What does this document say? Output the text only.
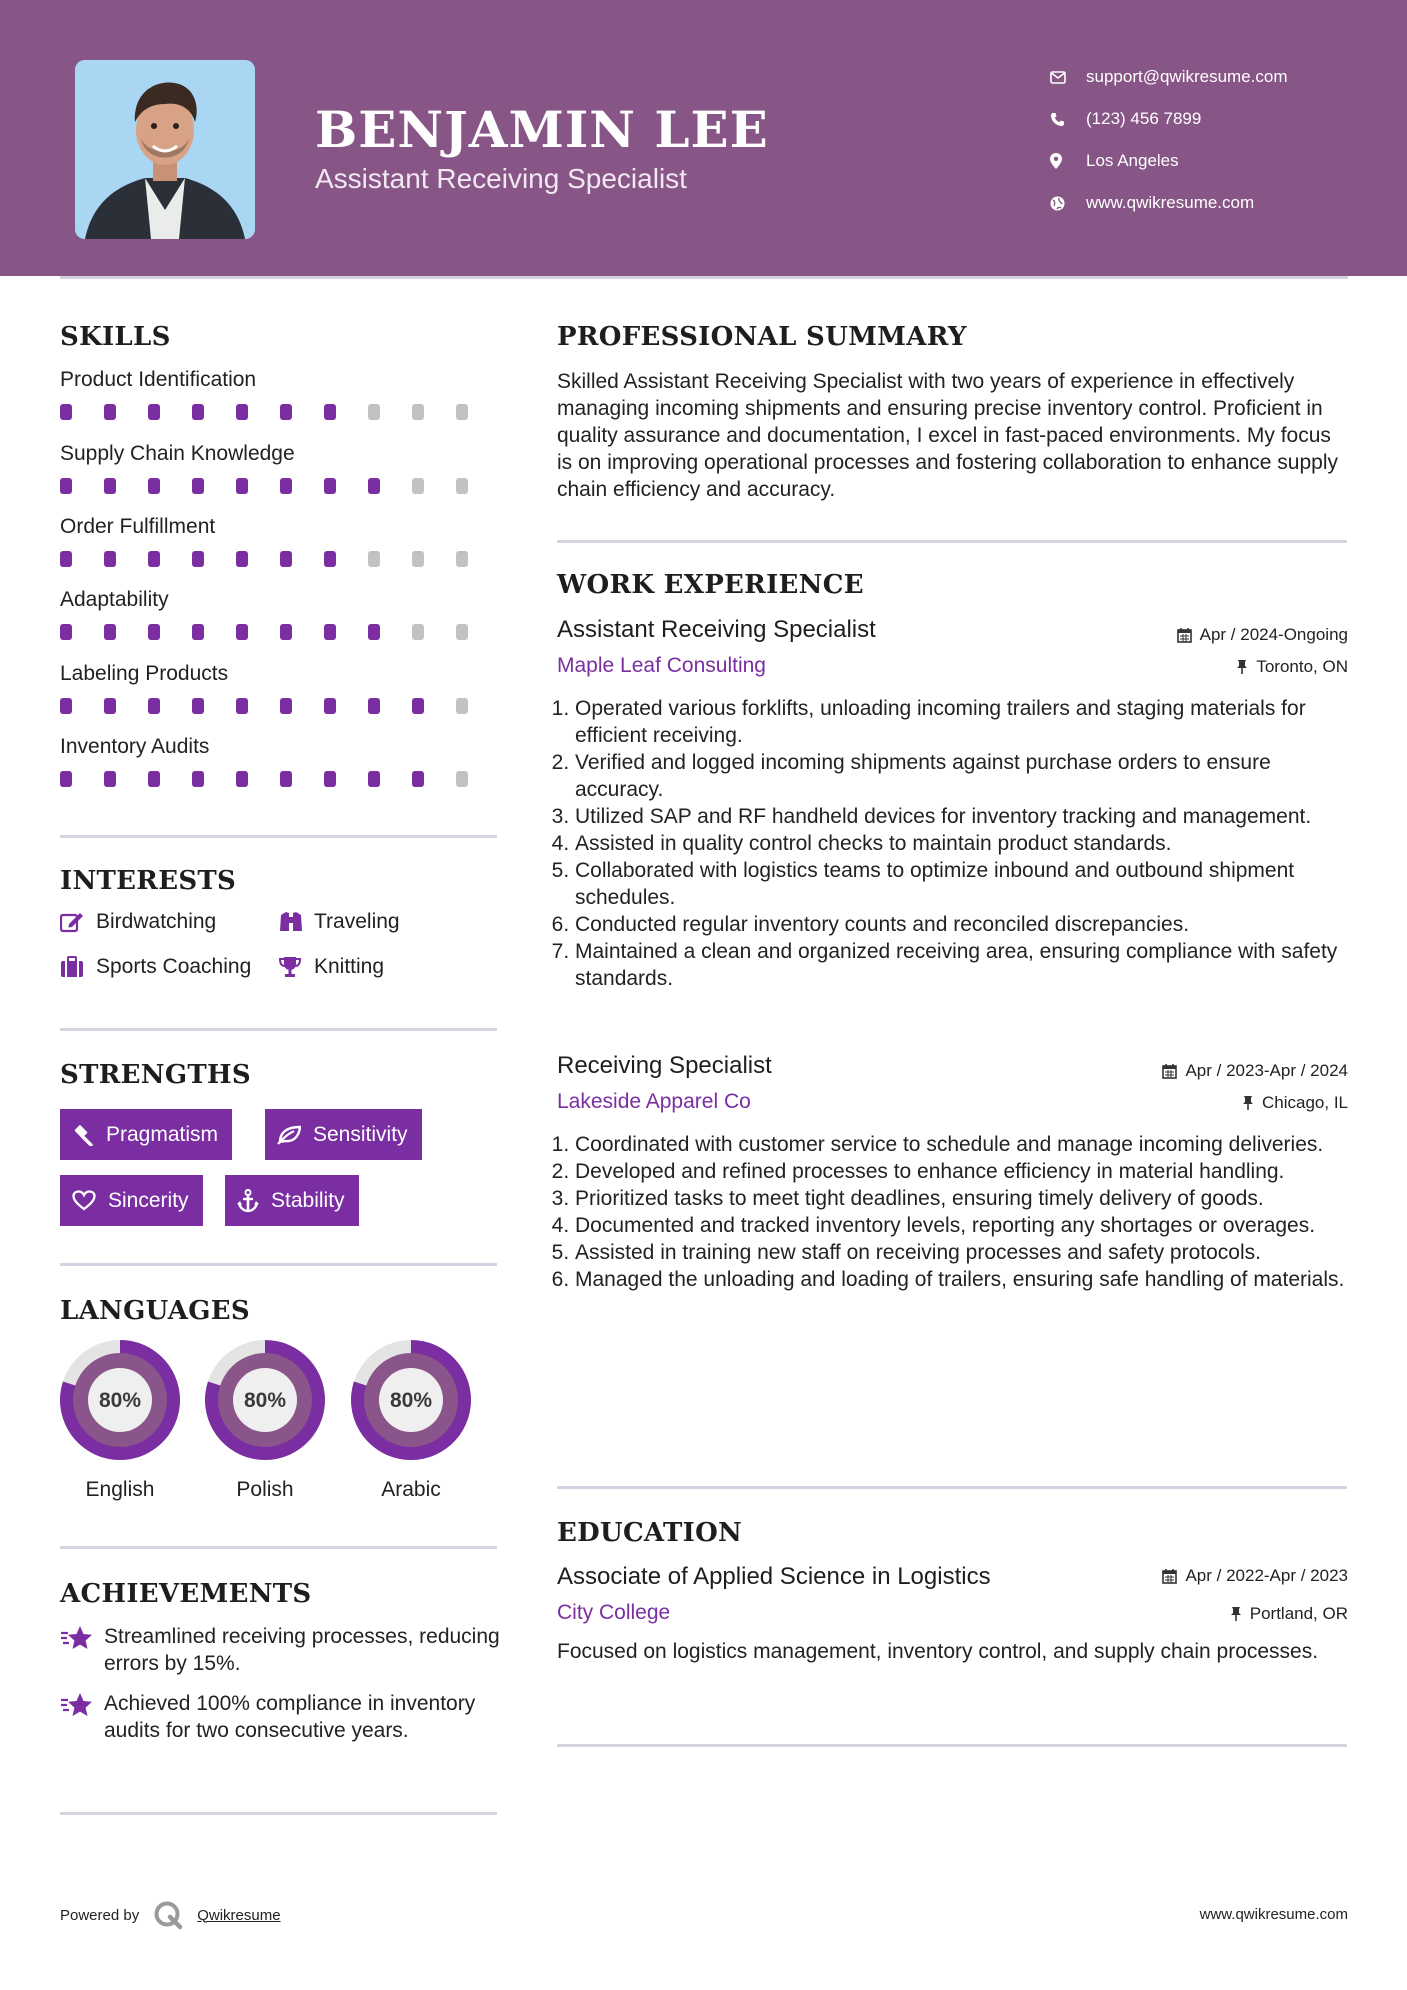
BENJAMIN LEE
Assistant Receiving Specialist
support@qwikresume.com
(123) 456 7899
Los Angeles
www.qwikresume.com
SKILLS
Product Identification
Supply Chain Knowledge
Order Fulfillment
Adaptability
Labeling Products
Inventory Audits
INTERESTS
Birdwatching	Traveling
Sports Coaching	Knitting
STRENGTHS
Pragmatism	Sensitivity
Sincerity	Stability
LANGUAGES
80%
English
80%
Polish
80%
Arabic
ACHIEVEMENTS
Streamlined receiving processes, reducing errors by 15%.
Achieved 100% compliance in inventory audits for two consecutive years.
PROFESSIONAL SUMMARY
Skilled Assistant Receiving Specialist with two years of experience in effectively managing incoming shipments and ensuring precise inventory control. Proficient in quality assurance and documentation, I excel in fast-paced environments. My focus is on improving operational processes and fostering collaboration to enhance supply chain efficiency and accuracy.
WORK EXPERIENCE
Assistant Receiving Specialist	Apr / 2024-Ongoing
Maple Leaf Consulting	Toronto, ON
1. Operated various forklifts, unloading incoming trailers and staging materials for efficient receiving.
2. Verified and logged incoming shipments against purchase orders to ensure accuracy.
3. Utilized SAP and RF handheld devices for inventory tracking and management.
4. Assisted in quality control checks to maintain product standards.
5. Collaborated with logistics teams to optimize inbound and outbound shipment schedules.
6. Conducted regular inventory counts and reconciled discrepancies.
7. Maintained a clean and organized receiving area, ensuring compliance with safety standards.
Receiving Specialist	Apr / 2023-Apr / 2024
Lakeside Apparel Co	Chicago, IL
1. Coordinated with customer service to schedule and manage incoming deliveries.
2. Developed and refined processes to enhance efficiency in material handling.
3. Prioritized tasks to meet tight deadlines, ensuring timely delivery of goods.
4. Documented and tracked inventory levels, reporting any shortages or overages.
5. Assisted in training new staff on receiving processes and safety protocols.
6. Managed the unloading and loading of trailers, ensuring safe handling of materials.
EDUCATION
Associate of Applied Science in Logistics	Apr / 2022-Apr / 2023
City College	Portland, OR
Focused on logistics management, inventory control, and supply chain processes.
Powered by	Qwikresume	www.qwikresume.com
